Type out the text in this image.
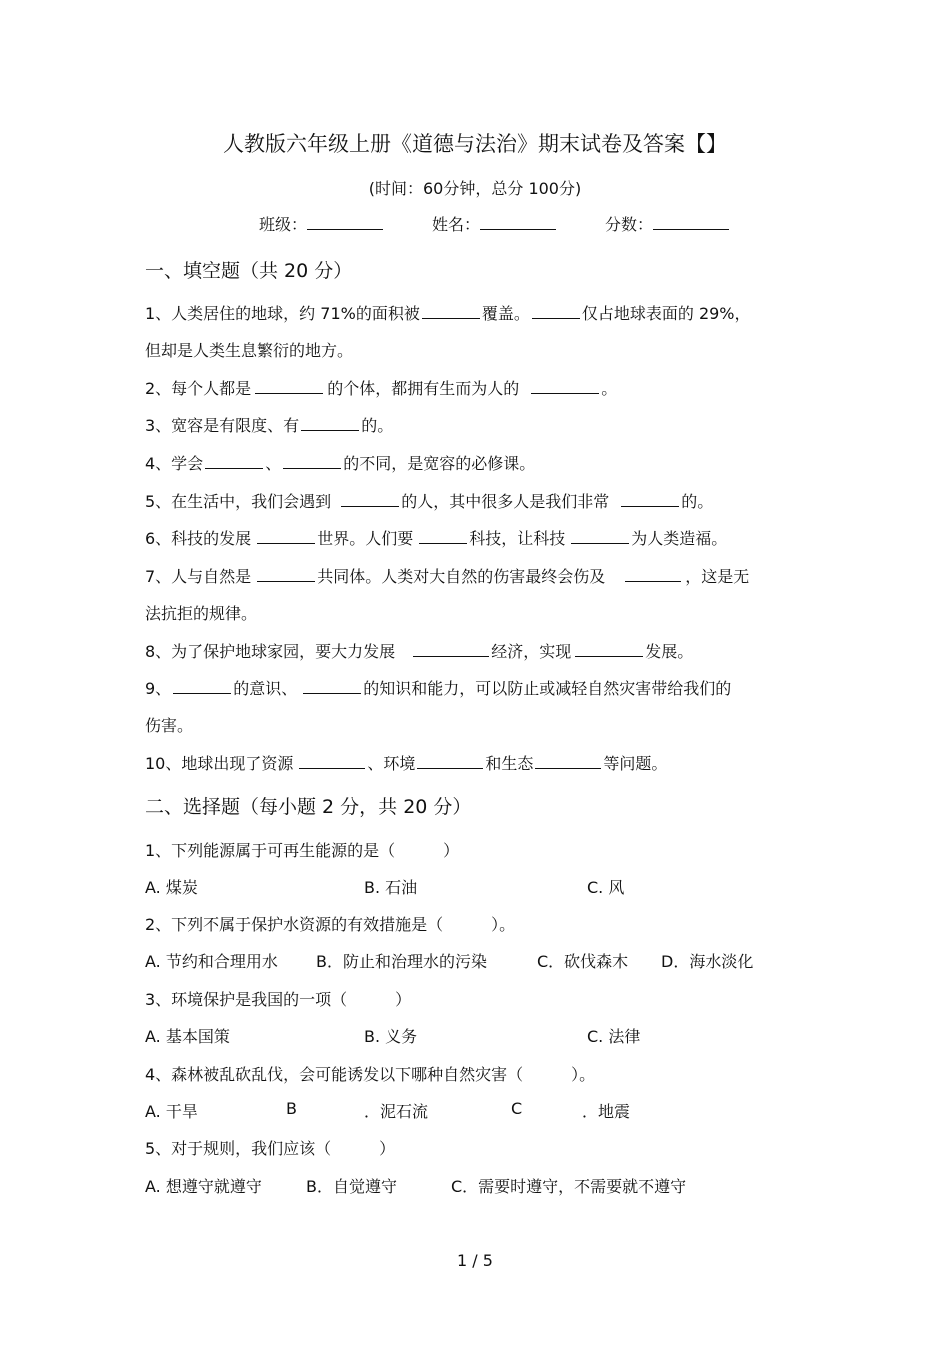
人教版六年级上册《道德与法治》期末试卷及答案【】
(时间：60分钟，总分 100分)
班级：	姓名：	分数：
一、填空题（共 20 分）
1、人类居住的地球，约 71%的面积被	覆盖。	仅占地球表面的 29%，
但却是人类生息繁衍的地方。
2、每个人都是	的个体，都拥有生而为人的	。
3、宽容是有限度、有	的。
4、学会	、	的不同，是宽容的必修课。
5、在生活中，我们会遇到	的人，其中很多人是我们非常	的。
6、科技的发展	世界。人们要	科技，让科技	为人类造福。
7、人与自然是	共同体。人类对大自然的伤害最终会伤及	，这是无
法抗拒的规律。
8、为了保护地球家园，要大力发展	经济，实现	发展。
9、	的意识、	的知识和能力，可以防止或减轻自然灾害带给我们的
伤害。
10、地球出现了资源	、环境	和生态	等问题。
二、选择题（每小题 2 分，共 20 分）
1、下列能源属于可再生能源的是（　　　）
A. 煤炭	B. 石油	C. 风
2、下列不属于保护水资源的有效措施是（　　　）。
A. 节约和合理用水 B．防止和治理水的污染	C．砍伐森木 D．海水淡化
3、环境保护是我国的一项（　　　）
A. 基本国策	B. 义务	C. 法律
4、森林被乱砍乱伐，会可能诱发以下哪种自然灾害（　　　）。
A. 干旱	B	．泥石流	C	．地震
5、对于规则，我们应该（　　　）
A. 想遵守就遵守	B．自觉遵守	C．需要时遵守，不需要就不遵守
1 / 5
